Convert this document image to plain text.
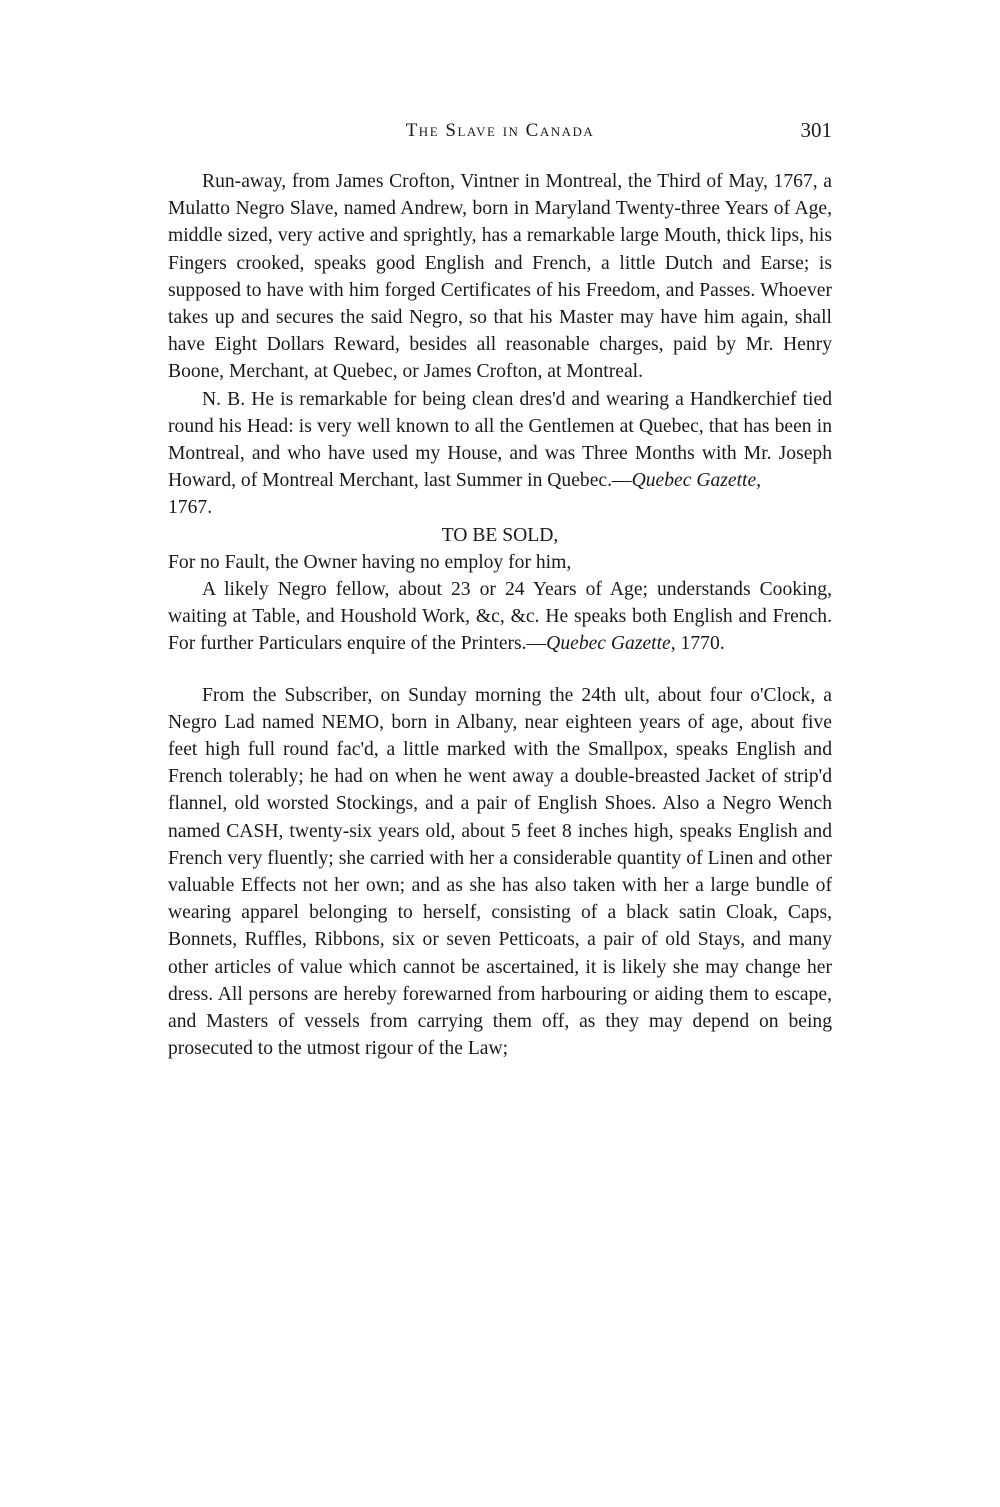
The Slave in Canada	301

Run-away, from James Crofton, Vintner in Montreal, the Third of May, 1767, a Mulatto Negro Slave, named Andrew, born in Maryland Twenty-three Years of Age, middle sized, very active and sprightly, has a remarkable large Mouth, thick lips, his Fingers crooked, speaks good English and French, a little Dutch and Earse; is supposed to have with him forged Certificates of his Freedom, and Passes. Whoever takes up and secures the said Negro, so that his Master may have him again, shall have Eight Dollars Reward, besides all reasonable charges, paid by Mr. Henry Boone, Merchant, at Quebec, or James Crofton, at Montreal.

N. B. He is remarkable for being clean dres'd and wearing a Handkerchief tied round his Head: is very well known to all the Gentlemen at Quebec, that has been in Montreal, and who have used my House, and was Three Months with Mr. Joseph Howard, of Montreal Merchant, last Summer in Quebec.—Quebec Gazette,
1767.

TO BE SOLD,

For no Fault, the Owner having no employ for him,

A likely Negro fellow, about 23 or 24 Years of Age; understands Cooking, waiting at Table, and Houshold Work, &c, &c. He speaks both English and French. For further Particulars enquire of the Printers.—Quebec Gazette, 1770.

From the Subscriber, on Sunday morning the 24th ult, about four o'Clock, a Negro Lad named NEMO, born in Albany, near eighteen years of age, about five feet high full round fac'd, a little marked with the Smallpox, speaks English and French tolerably; he had on when he went away a double-breasted Jacket of strip'd flannel, old worsted Stockings, and a pair of English Shoes. Also a Negro Wench named CASH, twenty-six years old, about 5 feet 8 inches high, speaks English and French very fluently; she carried with her a considerable quantity of Linen and other valuable Effects not her own; and as she has also taken with her a large bundle of wearing apparel belonging to herself, consisting of a black satin Cloak, Caps, Bonnets, Ruffles, Ribbons, six or seven Petticoats, a pair of old Stays, and many other articles of value which cannot be ascertained, it is likely she may change her dress. All persons are hereby forewarned from harbouring or aiding them to escape, and Masters of vessels from carrying them off, as they may depend on being prosecuted to the utmost rigour of the Law;
